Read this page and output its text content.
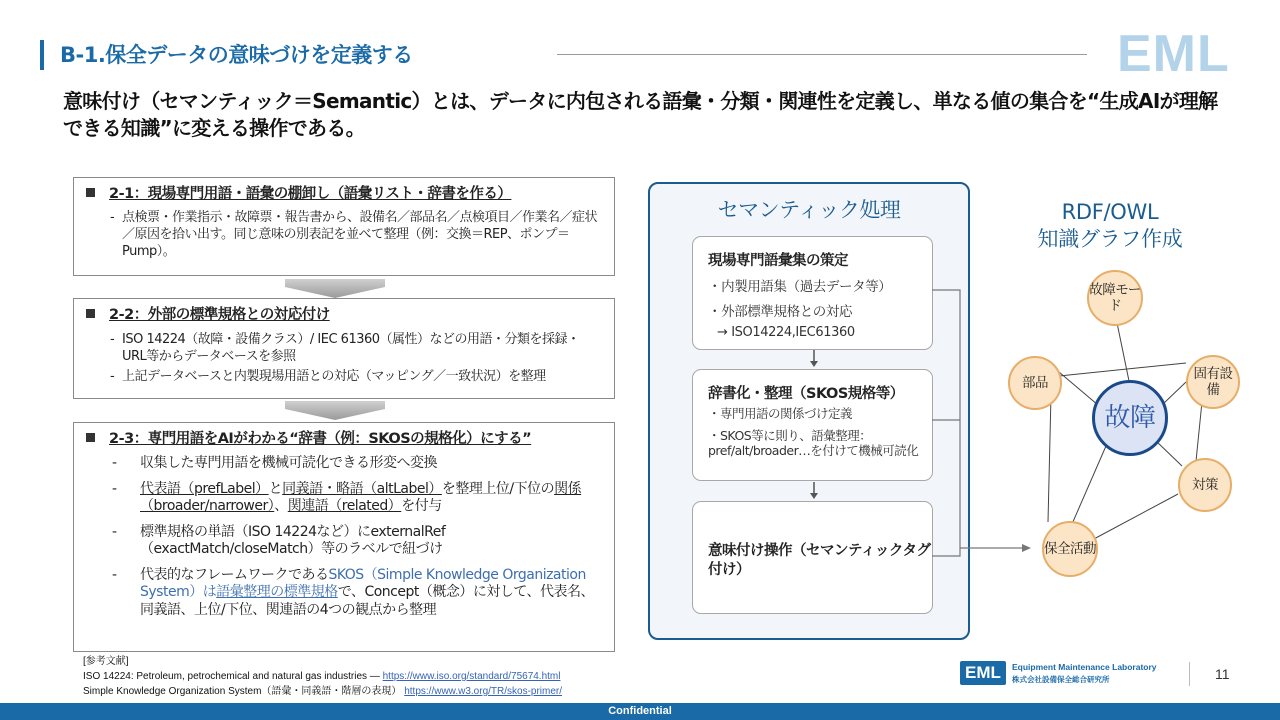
B-1.保全データの意味づけを定義する	EML
意味付け（セマンティック＝Semantic）とは、データに内包される語彙・分類・関連性を定義し、単なる値の集合を“生成AIが理解できる知識”に変える操作である。
2-1：現場専門用語・語彙の棚卸し（語彙リスト・辞書を作る）
- 点検票・作業指示・故障票・報告書から、設備名／部品名／点検項目／作業名／症状／原因を拾い出す。同じ意味の別表記を並べて整理（例：交換＝REP、ポンプ＝Pump）。
2-2：外部の標準規格との対応付け
- ISO 14224（故障・設備クラス）/ IEC 61360（属性）などの用語・分類を採録・URL等からデータベースを参照
- 上記データベースと内製現場用語との対応（マッピング／一致状況）を整理
2-3：専門用語をAIがわかる“辞書（例：SKOSの規格化）にする”
- 収集した専門用語を機械可読化できる形変へ変換
- 代表語（prefLabel）と同義語・略語（altLabel）を整理上位/下位の関係（broader/narrower）、関連語（related）を付与
- 標準規格の単語（ISO 14224など）にexternalRef（exactMatch/closeMatch）等のラベルで紐づけ
- 代表的なフレームワークであるSKOS（Simple Knowledge Organization System）は語彙整理の標準規格で、Concept（概念）に対して、代表名、同義語、上位/下位、関連語の4つの観点から整理
[参考文献]
ISO 14224: Petroleum, petrochemical and natural gas industries — https://www.iso.org/standard/75674.html
Simple Knowledge Organization System（語彙・同義語・階層の表現） https://www.w3.org/TR/skos-primer/
セマンティック処理
現場専門語彙集の策定
・内製用語集（過去データ等）
・外部標準規格との対応
→ ISO14224,IEC61360
辞書化・整理（SKOS規格等）
・専門用語の関係づけ定義
・SKOS等に則り、語彙整理：pref/alt/broader…を付けて機械可読化
意味付け操作（セマンティックタグ付け）
RDF/OWL
知識グラフ作成
故障モード
部品
固有設備
故障
対策
保全活動
EML	Equipment Maintenance Laboratory
株式会社設備保全総合研究所	11
Confidential
